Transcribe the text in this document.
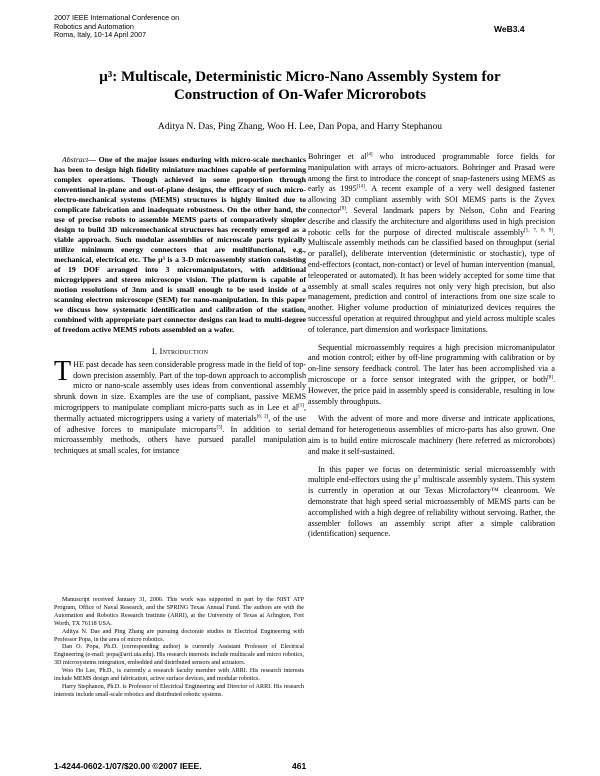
2007 IEEE International Conference on
Robotics and Automation
Roma, Italy, 10-14 April 2007
WeB3.4
μ³: Multiscale, Deterministic Micro-Nano Assembly System for
Construction of On-Wafer Microrobots
Aditya N. Das, Ping Zhang, Woo H. Lee, Dan Popa, and Harry Stephanou

Abstract— One of the major issues enduring with micro-scale mechanics has been to design high fidelity miniature machines capable of performing complex operations. Though achieved in some proportion through conventional in-plane and out-of-plane designs, the efficacy of such micro-electro-mechanical systems (MEMS) structures is highly limited due to complicate fabrication and inadequate robustness. On the other hand, the use of precise robots to assemble MEMS parts of comparatively simpler design to build 3D micromechanical structures has recently emerged as a viable approach. Such modular assemblies of microscale parts typically utilize minimum energy connectors that are multifunctional, e.g., mechanical, electrical etc. The μ³ is a 3-D microassembly station consisting of 19 DOF arranged into 3 micromanipulators, with additional microgrippers and stereo microscope vision. The platform is capable of motion resolutions of 3nm and is small enough to be used inside of a scanning electron microscope (SEM) for nano-manipulation. In this paper we discuss how systematic identification and calibration of the station, combined with appropriate part connector designs can lead to multi-degree of freedom active MEMS robots assembled on a wafer.

I. Introduction

THE past decade has seen considerable progress made in the field of top-down precision assembly. Part of the top-down approach to accomplish micro or nano-scale assembly uses ideas from conventional assembly shrunk down in size. Examples are the use of compliant, passive MEMS microgrippers to manipulate compliant micro-parts such as in Lee et al[1], thermally actuated microgrippers using a variety of materials[6, 2], of the use of adhesive forces to manipulate microparts[3]. In addition to serial microassembly methods, others have pursued parallel manipulation techniques at small scales, for instance

Manuscript received January 31, 2006. This work was supported in part by the NIST ATP Program, Office of Naval Research, and the SPRING Texas Annual Fund. The authors are with the Automation and Robotics Research Institute (ARRI), at the University of Texas at Arlington, Fort Worth, TX 76118 USA.

Aditya N. Das and Ping Zhang are pursuing doctorate studies in Electrical Engineering with Professor Popa, in the area of micro robotics.

Dan O. Popa, Ph.D. (corresponding author) is currently Assistant Professor of Electrical Engineering (e-mail: popa@arri.uta.edu). His research interests include multiscale and micro robotics, 3D microsystems integration, embedded and distributed sensors and actuators.

Woo Ho Lee, Ph.D., is currently a research faculty member with ARRI. His research interests include MEMS design and fabrication, active surface devices, and modular robotics.

Harry Stephanou, Ph.D. is Professor of Electrical Engineering and Director of ARRI. His research interests include small-scale robotics and distributed robotic systems.

Bohringer et al[4] who introduced programmable force fields for manipulation with arrays of micro-actuators. Bohringer and Prasad were among the first to introduce the concept of snap-fasteners using MEMS as early as 1995[14]. A recent example of a very well designed fastener allowing 3D compliant assembly with SOI MEMS parts is the Zyvex connector[8]. Several landmark papers by Nelson, Cohn and Fearing describe and classify the architecture and algorithms used in high precision robotic cells for the purpose of directed multiscale assembly[5, 7, 8, 9]. Multiscale assembly methods can be classified based on throughput (serial or parallel), deliberate intervention (deterministic or stochastic), type of end-effectors (contact, non-contact) or level of human intervention (manual, teleoperated or automated). It has been widely accepted for some time that assembly at small scales requires not only very high precision, but also management, prediction and control of interactions from one size scale to another. Higher volume production of miniaturized devices requires the successful operation at required throughput and yield across multiple scales of tolerance, part dimension and workspace limitations.

Sequential microassembly requires a high precision micromanipulator and motion control; either by off-line programming with calibration or by on-line sensory feedback control. The later has been accomplished via a microscope or a force sensor integrated with the gripper, or both[8]. However, the price paid in assembly speed is considerable, resulting in low assembly throughputs.

With the advent of more and more diverse and intricate applications, demand for heterogeneous assemblies of micro-parts has also grown. One aim is to build entire microscale machinery (here referred as microrobots) and make it self-sustained.

In this paper we focus on deterministic serial microassembly with multiple end-effectors using the $\mu^3$ multiscale assembly system. This system is currently in operation at our Texas Microfactory™ cleanroom. We demonstrate that high speed serial microassembly of MEMS parts can be accomplished with a high degree of reliability without servoing. Rather, the assembler follows an assembly script after a simple calibration (identification) sequence.

1-4244-0602-1/07/$20.00 ©2007 IEEE.	461
